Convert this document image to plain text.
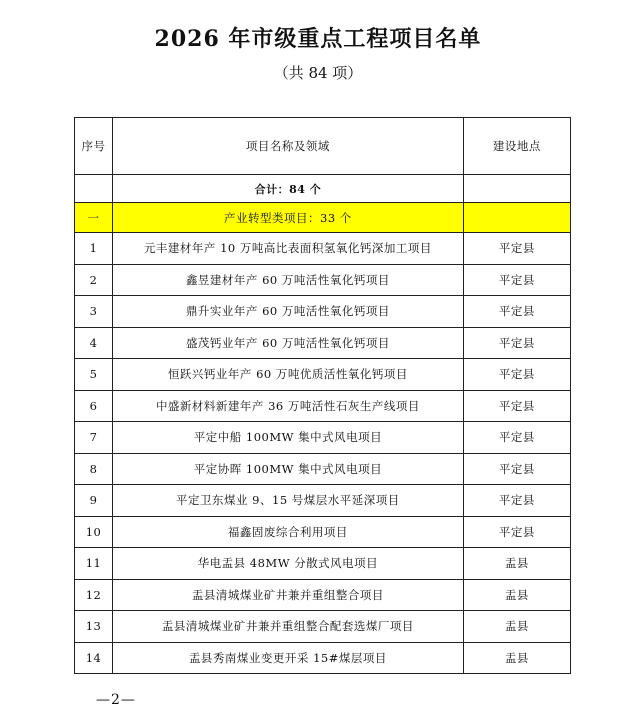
2026 年市级重点工程项目名单
（共 84 项）
序号	项目名称及领域	建设地点
	合计：84 个	
一	产业转型类项目：33 个	
1	元丰建材年产 10 万吨高比表面积氢氧化钙深加工项目	平定县
2	鑫昱建材年产 60 万吨活性氧化钙项目	平定县
3	鼎升实业年产 60 万吨活性氧化钙项目	平定县
4	盛茂钙业年产 60 万吨活性氧化钙项目	平定县
5	恒跃兴钙业年产 60 万吨优质活性氧化钙项目	平定县
6	中盛新材料新建年产 36 万吨活性石灰生产线项目	平定县
7	平定中船 100MW 集中式风电项目	平定县
8	平定协晖 100MW 集中式风电项目	平定县
9	平定卫东煤业 9、15 号煤层水平延深项目	平定县
10	福鑫固废综合利用项目	平定县
11	华电盂县 48MW 分散式风电项目	盂县
12	盂县清城煤业矿井兼并重组整合项目	盂县
13	盂县清城煤业矿井兼并重组整合配套选煤厂项目	盂县
14	盂县秀南煤业变更开采 15#煤层项目	盂县
—2—
